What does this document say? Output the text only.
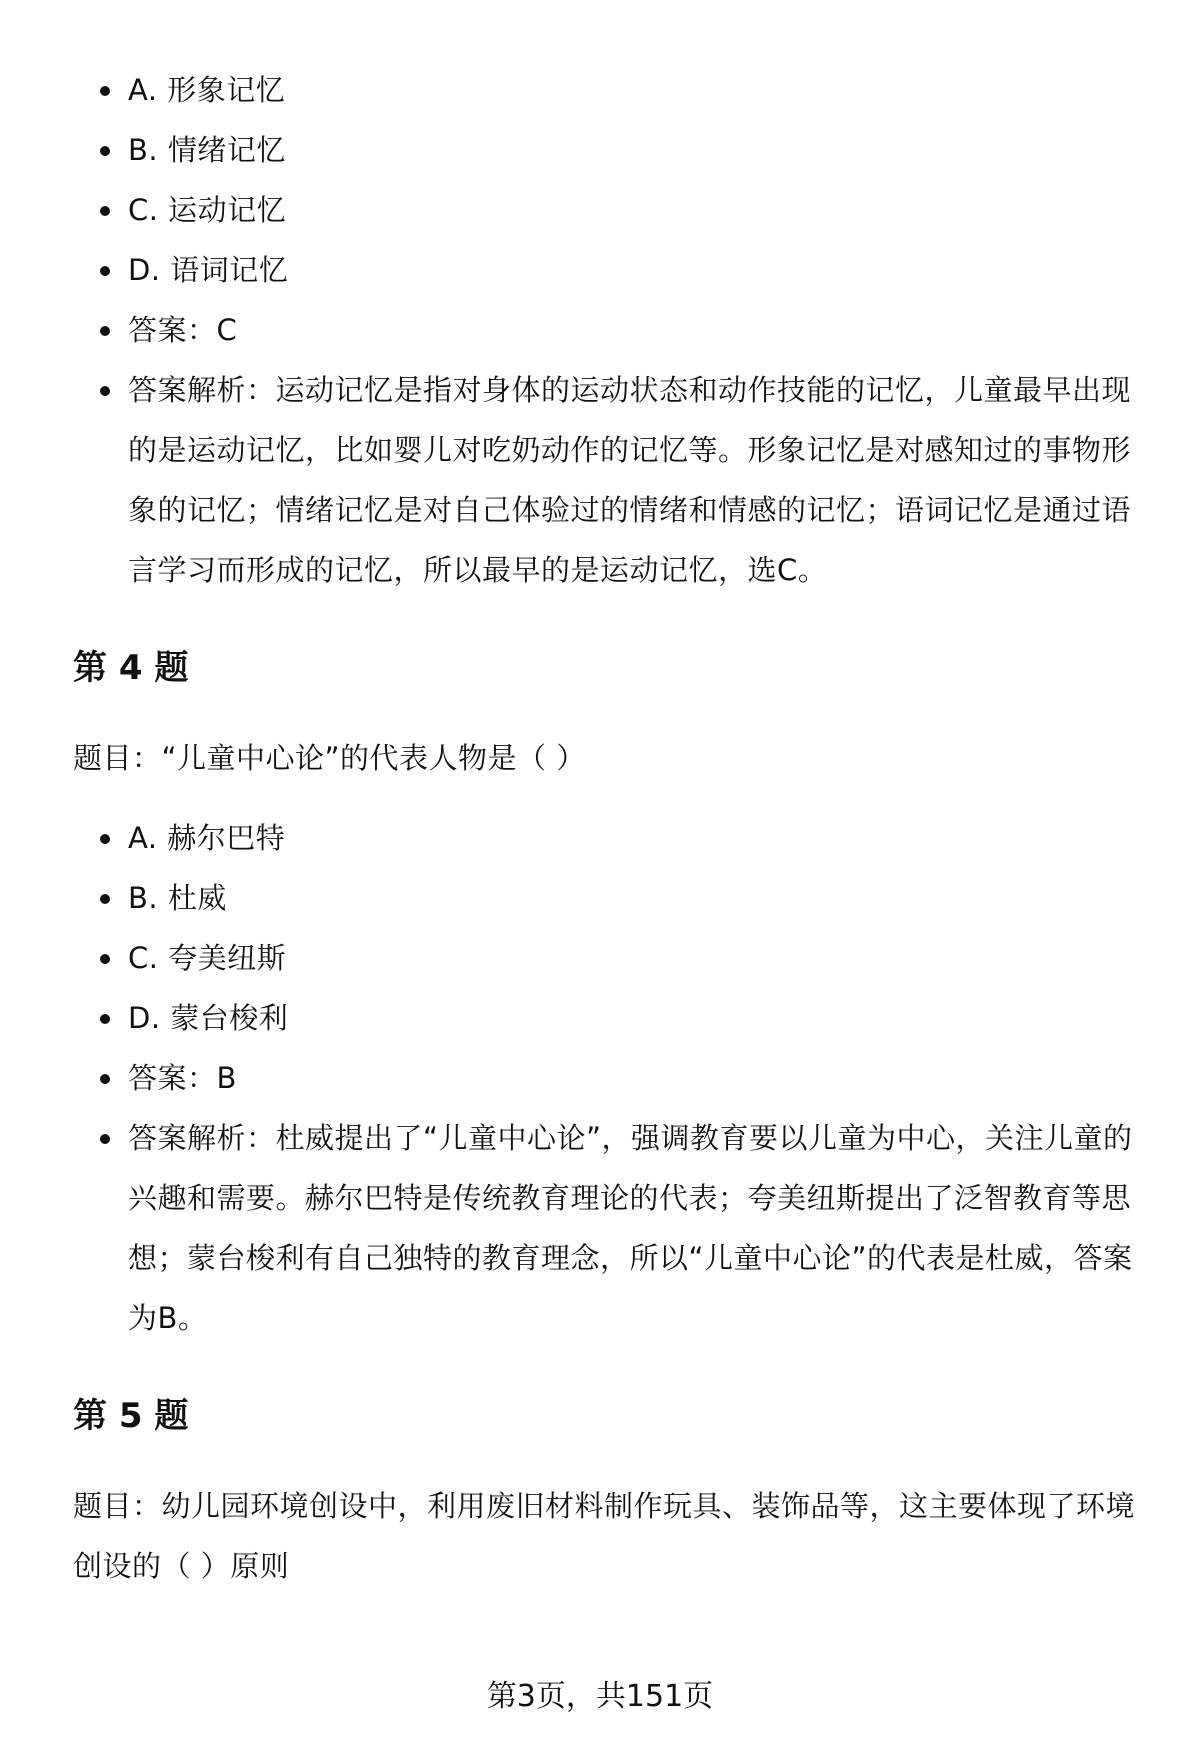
A. 形象记忆
B. 情绪记忆
C. 运动记忆
D. 语词记忆
答案：C
答案解析：运动记忆是指对身体的运动状态和动作技能的记忆，儿童最早出现的是运动记忆，比如婴儿对吃奶动作的记忆等。形象记忆是对感知过的事物形象的记忆；情绪记忆是对自己体验过的情绪和情感的记忆；语词记忆是通过语言学习而形成的记忆，所以最早的是运动记忆，选C。
第 4 题
题目：“儿童中心论”的代表人物是（ ）
A. 赫尔巴特
B. 杜威
C. 夸美纽斯
D. 蒙台梭利
答案：B
答案解析：杜威提出了“儿童中心论”，强调教育要以儿童为中心，关注儿童的兴趣和需要。赫尔巴特是传统教育理论的代表；夸美纽斯提出了泛智教育等思想；蒙台梭利有自己独特的教育理念，所以“儿童中心论”的代表是杜威，答案为B。
第 5 题
题目：幼儿园环境创设中，利用废旧材料制作玩具、装饰品等，这主要体现了环境创设的（ ）原则
第3页，共151页
